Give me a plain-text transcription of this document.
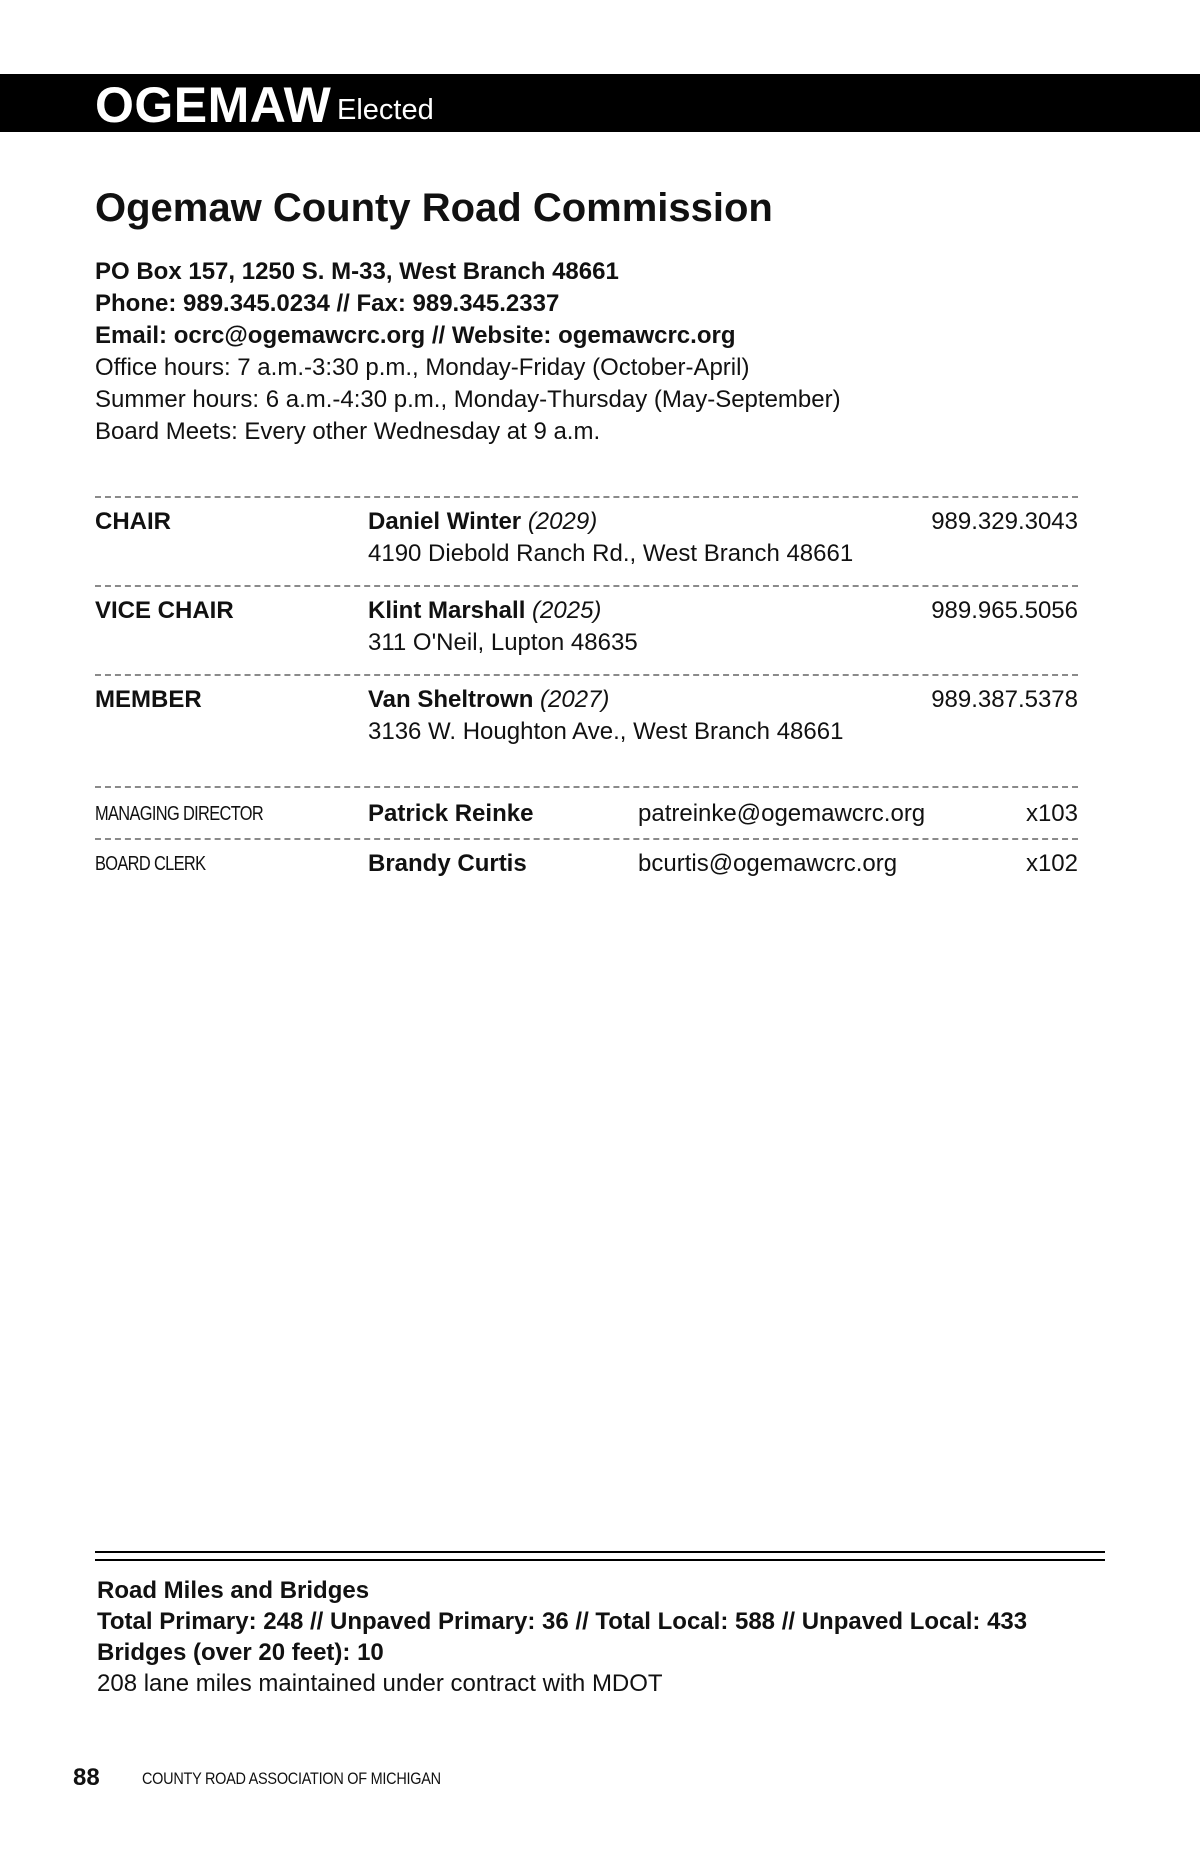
OGEMAW Elected
Ogemaw County Road Commission
PO Box 157, 1250 S. M-33, West Branch 48661
Phone: 989.345.0234 // Fax: 989.345.2337
Email: ocrc@ogemawcrc.org // Website: ogemawcrc.org
Office hours: 7 a.m.-3:30 p.m., Monday-Friday (October-April)
Summer hours: 6 a.m.-4:30 p.m., Monday-Thursday (May-September)
Board Meets: Every other Wednesday at 9 a.m.
CHAIR	Daniel Winter (2029)	989.329.3043
4190 Diebold Ranch Rd., West Branch 48661
VICE CHAIR	Klint Marshall (2025)	989.965.5056
311 O'Neil, Lupton 48635
MEMBER	Van Sheltrown (2027)	989.387.5378
3136 W. Houghton Ave., West Branch 48661
MANAGING DIRECTOR	Patrick Reinke	patreinke@ogemawcrc.org	x103
BOARD CLERK	Brandy Curtis	bcurtis@ogemawcrc.org	x102
Road Miles and Bridges
Total Primary: 248 // Unpaved Primary: 36 // Total Local: 588 // Unpaved Local: 433
Bridges (over 20 feet): 10
208 lane miles maintained under contract with MDOT
88 COUNTY ROAD ASSOCIATION OF MICHIGAN
